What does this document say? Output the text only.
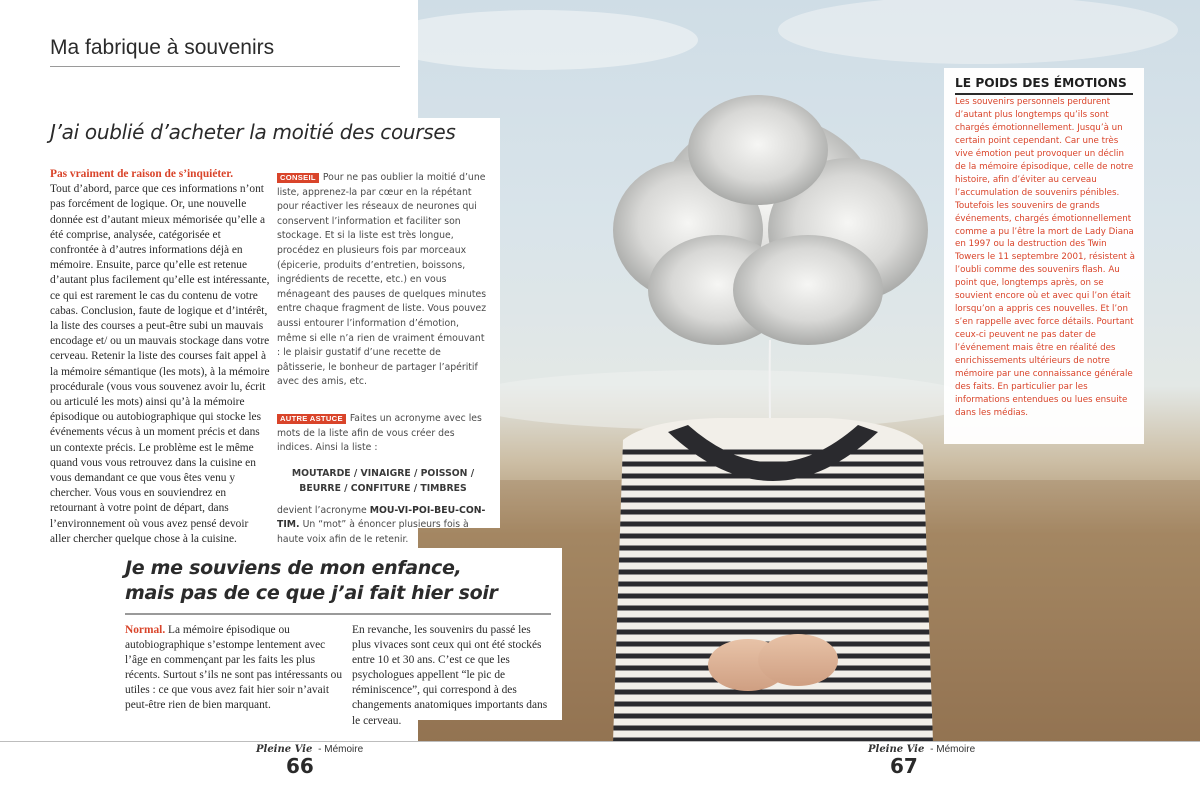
Ma fabrique à souvenirs
J’ai oublié d’acheter la moitié des courses
Pas vraiment de raison de s’inquiéter.
Tout d’abord, parce que ces informations n’ont pas forcément de logique. Or, une nouvelle donnée est d’autant mieux mémorisée qu’elle a été comprise, analysée, catégorisée et confrontée à d’autres informations déjà en mémoire. Ensuite, parce qu’elle est retenue d’autant plus facilement qu’elle est intéressante, ce qui est rarement le cas du contenu de votre cabas. Conclusion, faute de logique et d’intérêt, la liste des courses a peut-être subi un mauvais encodage et/ ou un mauvais stockage dans votre cerveau. Retenir la liste des courses fait appel à la mémoire sémantique (les mots), à la mémoire procédurale (vous vous souvenez avoir lu, écrit ou articulé les mots) ainsi qu’à la mémoire épisodique ou autobiographique qui stocke les événements vécus à un moment précis et dans un contexte précis. Le problème est le même quand vous vous retrouvez dans la cuisine en vous demandant ce que vous êtes venu y chercher. Vous vous en souviendrez en retournant à votre point de départ, dans l’environnement où vous avez pensé devoir aller chercher quelque chose à la cuisine.
CONSEIL Pour ne pas oublier la moitié d’une liste, apprenez-la par cœur en la répétant pour réactiver les réseaux de neurones qui conservent l’information et faciliter son stockage. Et si la liste est très longue, procédez en plusieurs fois par morceaux (épicerie, produits d’entretien, boissons, ingrédients de recette, etc.) en vous ménageant des pauses de quelques minutes entre chaque fragment de liste. Vous pouvez aussi entourer l’information d’émotion, même si elle n’a rien de vraiment émouvant : le plaisir gustatif d’une recette de pâtisserie, le bonheur de partager l’apéritif avec des amis, etc.
AUTRE ASTUCE Faites un acronyme avec les mots de la liste afin de vous créer des indices. Ainsi la liste :
MOUTARDE / VINAIGRE / POISSON /
BEURRE / CONFITURE / TIMBRES
devient l’acronyme MOU-VI-POI-BEU-CON-TIM. Un “mot” à énoncer plusieurs fois à haute voix afin de le retenir.
Je me souviens de mon enfance,
mais pas de ce que j’ai fait hier soir
Normal. La mémoire épisodique ou autobiographique s’estompe lentement avec l’âge en commençant par les faits les plus récents. Surtout s’ils ne sont pas intéressants ou utiles : ce que vous avez fait hier soir n’avait peut-être rien de bien marquant.
En revanche, les souvenirs du passé les plus vivaces sont ceux qui ont été stockés entre 10 et 30 ans. C’est ce que les psychologues appellent “le pic de réminiscence”, qui correspond à des changements anatomiques importants dans le cerveau.
LE POIDS DES ÉMOTIONS
Les souvenirs personnels perdurent d’autant plus longtemps qu’ils sont chargés émotionnellement. Jusqu’à un certain point cependant. Car une très vive émotion peut provoquer un déclin de la mémoire épisodique, celle de notre histoire, afin d’éviter au cerveau l’accumulation de souvenirs pénibles. Toutefois les souvenirs de grands événements, chargés émotionnellement comme a pu l’être la mort de Lady Diana en 1997 ou la destruction des Twin Towers le 11 septembre 2001, résistent à l’oubli comme des souvenirs flash. Au point que, longtemps après, on se souvient encore où et avec qui l’on était lorsqu’on a appris ces nouvelles. Et l’on s’en rappelle avec force détails. Pourtant ceux-ci peuvent ne pas dater de l’événement mais être en réalité des enrichissements ultérieurs de notre mémoire par une connaissance générale des faits. En particulier par les informations entendues ou lues ensuite dans les médias.
Pleine Vie - Mémoire
66
Pleine Vie - Mémoire
67
